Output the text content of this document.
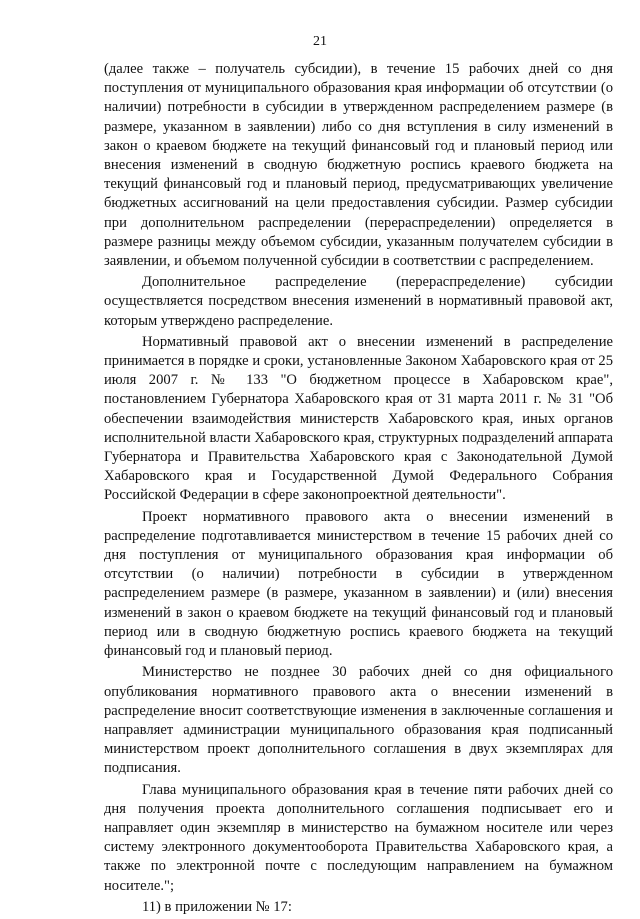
21

(далее также – получатель субсидии), в течение 15 рабочих дней со дня поступления от муниципального образования края информации об отсутствии (о наличии) потребности в субсидии в утвержденном распределением размере (в размере, указанном в заявлении) либо со дня вступления в силу изменений в закон о краевом бюджете на текущий финансовый год и плановый период или внесения изменений в сводную бюджетную роспись краевого бюджета на текущий финансовый год и плановый период, предусматривающих увеличение бюджетных ассигнований на цели предоставления субсидии. Размер субсидии при дополнительном распределении (перераспределении) определяется в размере разницы между объемом субсидии, указанным получателем субсидии в заявлении, и объемом полученной субсидии в соответствии с распределением.

Дополнительное распределение (перераспределение) субсидии осуществляется посредством внесения изменений в нормативный правовой акт, которым утверждено распределение.

Нормативный правовой акт о внесении изменений в распределение принимается в порядке и сроки, установленные Законом Хабаровского края от 25 июля 2007 г. № 133 "О бюджетном процессе в Хабаровском крае", постановлением Губернатора Хабаровского края от 31 марта 2011 г. № 31 "Об обеспечении взаимодействия министерств Хабаровского края, иных органов исполнительной власти Хабаровского края, структурных подразделений аппарата Губернатора и Правительства Хабаровского края с Законодательной Думой Хабаровского края и Государственной Думой Федерального Собрания Российской Федерации в сфере законопроектной деятельности".

Проект нормативного правового акта о внесении изменений в распределение подготавливается министерством в течение 15 рабочих дней со дня поступления от муниципального образования края информации об отсутствии (о наличии) потребности в субсидии в утвержденном распределением размере (в размере, указанном в заявлении) и (или) внесения изменений в закон о краевом бюджете на текущий финансовый год и плановый период или в сводную бюджетную роспись краевого бюджета на текущий финансовый год и плановый период.

Министерство не позднее 30 рабочих дней со дня официального опубликования нормативного правового акта о внесении изменений в распределение вносит соответствующие изменения в заключенные соглашения и направляет администрации муниципального образования края подписанный министерством проект дополнительного соглашения в двух экземплярах для подписания.

Глава муниципального образования края в течение пяти рабочих дней со дня получения проекта дополнительного соглашения подписывает его и направляет один экземпляр в министерство на бумажном носителе или через систему электронного документооборота Правительства Хабаровского края, а также по электронной почте с последующим направлением на бумажном носителе.";

11) в приложении № 17:
